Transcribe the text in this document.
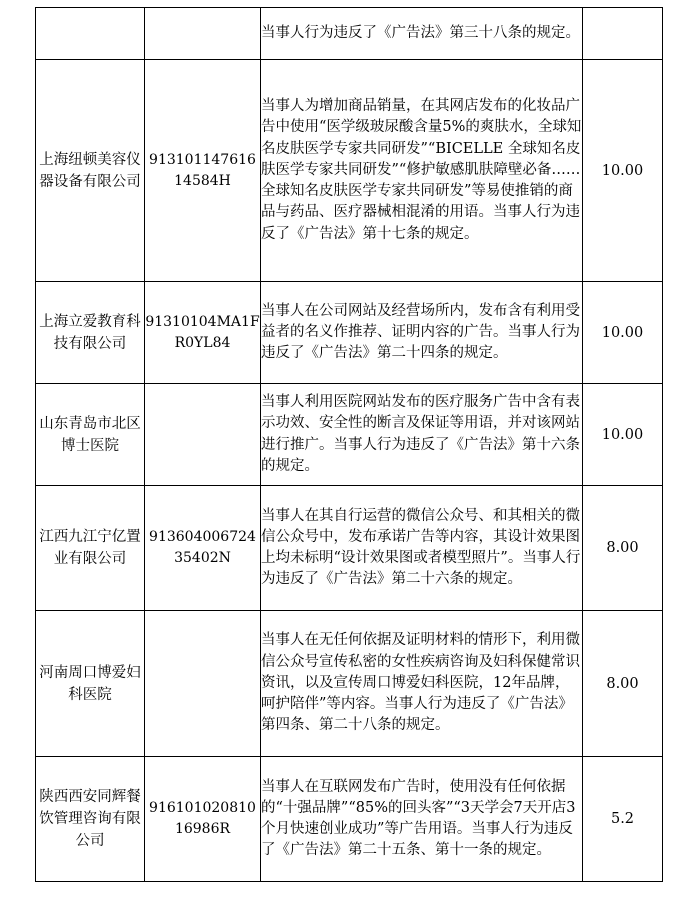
		当事人行为违反了《广告法》第三十八条的规定。	

上海纽顿美容仪器设备有限公司	91310114761614584H	当事人为增加商品销量，在其网店发布的化妆品广告中使用“医学级玻尿酸含量5%的爽肤水，全球知名皮肤医学专家共同研发”“BICELLE 全球知名皮肤医学专家共同研发”“修护敏感肌肤障壁必备……全球知名皮肤医学专家共同研发”等易使推销的商品与药品、医疗器械相混淆的用语。当事人行为违反了《广告法》第十七条的规定。	10.00

上海立爱教育科技有限公司	91310104MA1FR0YL84	当事人在公司网站及经营场所内，发布含有利用受益者的名义作推荐、证明内容的广告。当事人行为违反了《广告法》第二十四条的规定。	10.00

山东青岛市北区博士医院		当事人利用医院网站发布的医疗服务广告中含有表示功效、安全性的断言及保证等用语，并对该网站进行推广。当事人行为违反了《广告法》第十六条的规定。	10.00

江西九江宁亿置业有限公司	91360400672435402N	当事人在其自行运营的微信公众号、和其相关的微信公众号中，发布承诺广告等内容，其设计效果图上均未标明“设计效果图或者模型照片”。当事人行为违反了《广告法》第二十六条的规定。	8.00

河南周口博爱妇科医院		当事人在无任何依据及证明材料的情形下，利用微信公众号宣传私密的女性疾病咨询及妇科保健常识资讯，以及宣传周口博爱妇科医院，12年品牌，呵护陪伴”等内容。当事人行为违反了《广告法》第四条、第二十八条的规定。	8.00

陕西西安同辉餐饮管理咨询有限公司	91610102081016986R	当事人在互联网发布广告时，使用没有任何依据的“十强品牌”“85%的回头客”“3天学会7天开店3个月快速创业成功”等广告用语。当事人行为违反了《广告法》第二十五条、第十一条的规定。	5.2
